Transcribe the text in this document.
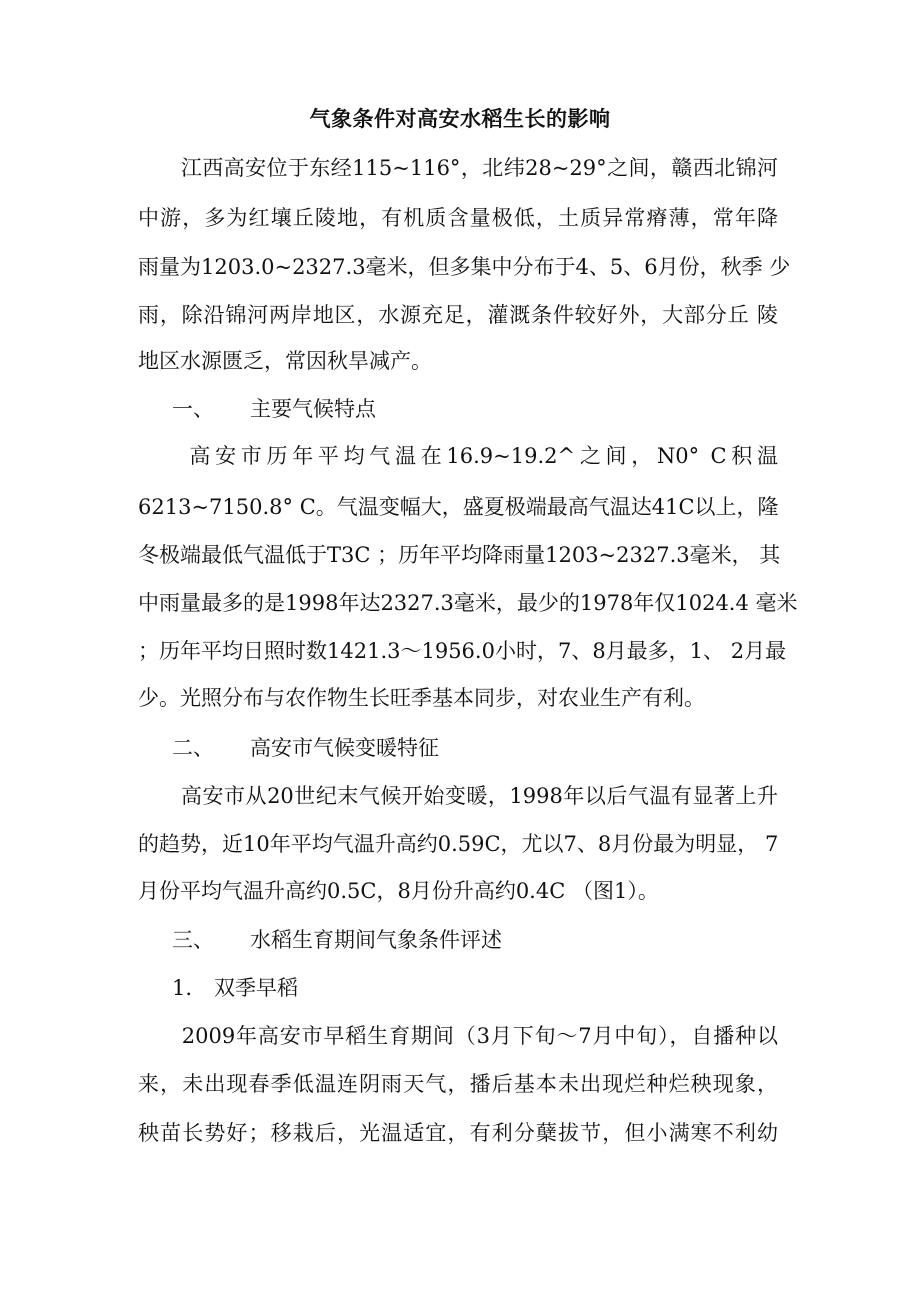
气象条件对高安水稻生长的影响
　　江西高安位于东经115~116°，北纬28~29°之间，赣西北锦河
中游，多为红壤丘陵地，有机质含量极低，土质异常瘠薄，常年降
雨量为1203.0~2327.3毫米，但多集中分布于4、5、6月份，秋季 少
雨，除沿锦河两岸地区，水源充足，灌溉条件较好外，大部分丘 陵
地区水源匮乏，常因秋旱减产。
一、 主要气候特点
　　高安市历年平均气温在16.9~19.2^之间，N0° C积温
6213~7150.8° C。气温变幅大，盛夏极端最高气温达41C以上，隆
冬极端最低气温低于T3C ；历年平均降雨量1203~2327.3毫米， 其
中雨量最多的是1998年达2327.3毫米，最少的1978年仅1024.4 毫米
；历年平均日照时数1421.3〜1956.0小时，7、8月最多，1、 2月最
少。光照分布与农作物生长旺季基本同步，对农业生产有利。
二、 高安市气候变暖特征
　　高安市从20世纪末气候开始变暖，1998年以后气温有显著上升
的趋势，近10年平均气温升高约0.59C，尤以7、8月份最为明显， 7
月份平均气温升高约0.5C，8月份升高约0.4C （图1）。
三、 水稻生育期间气象条件评述
1. 双季早稻
　　2009年高安市早稻生育期间（3月下旬〜7月中旬），自播种以
来，未出现春季低温连阴雨天气，播后基本未出现烂种烂秧现象，
秧苗长势好；移栽后，光温适宜，有利分蘖拔节，但小满寒不利幼
